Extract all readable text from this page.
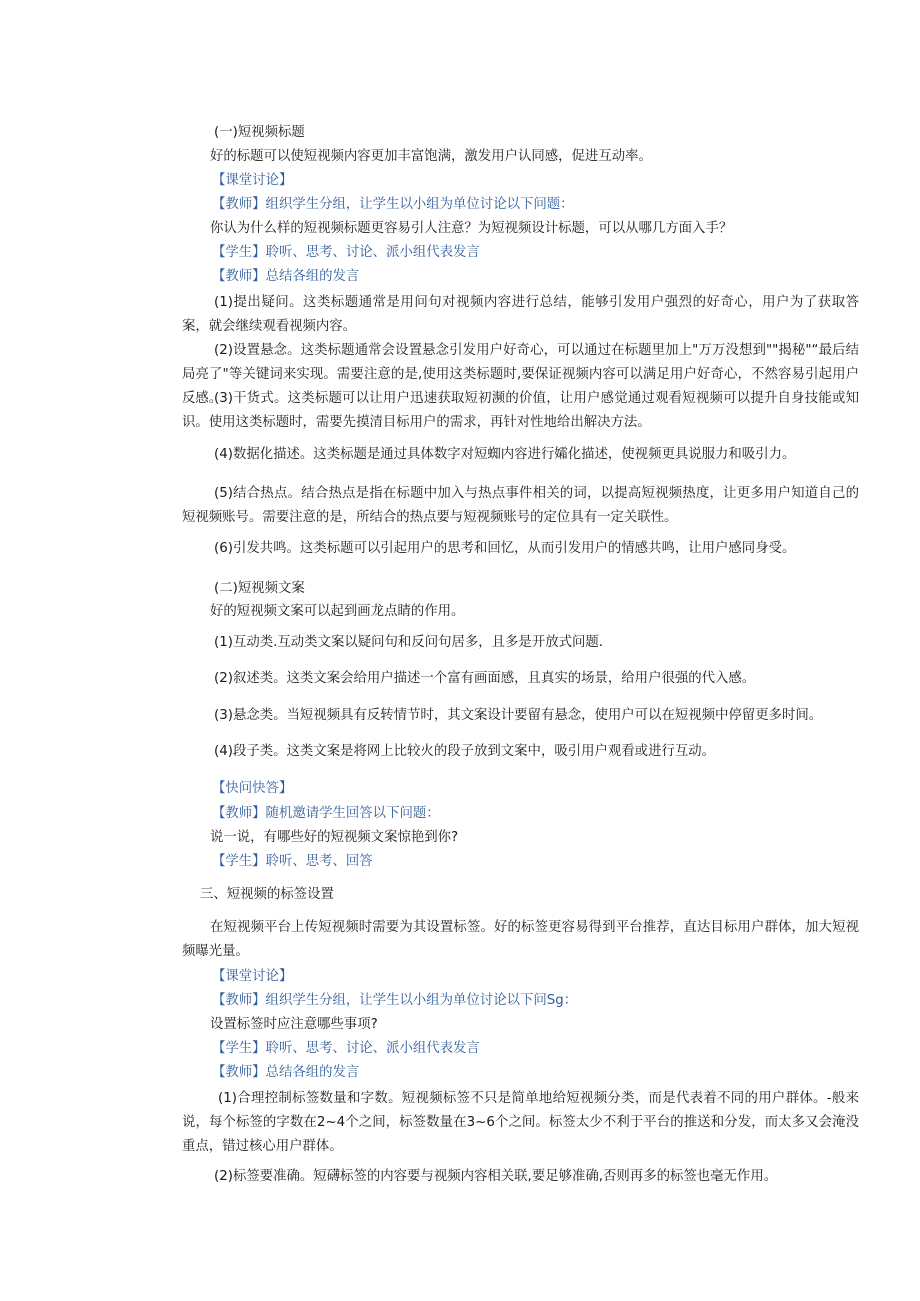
(一)短视频标题

好的标题可以使短视频内容更加丰富饱满，激发用户认同感，促进互动率。

【课堂讨论】

【教师】组织学生分组，让学生以小组为单位讨论以下问题：

你认为什么样的短视频标题更容易引人注意？为短视频设计标题，可以从哪几方面入手？

【学生】聆听、思考、讨论、派小组代表发言

【教师】总结各组的发言

(1)提出疑问。这类标题通常是用问句对视频内容进行总结，能够引发用户强烈的好奇心，用户为了获取答案，就会继续观看视频内容。

(2)设置悬念。这类标题通常会设置悬念引发用户好奇心，可以通过在标题里加上"万万没想到""揭秘"“最后结局亮了"等关键词来实现。需要注意的是,使用这类标题时,要保证视频内容可以满足用户好奇心，不然容易引起用户反感。

(3)干货式。这类标题可以让用户迅速获取短初濒的价值，让用户感觉通过观看短视频可以提升自身技能或知识。使用这类标题时，需要先摸清目标用户的需求，再针对性地给出解决方法。

(4)数据化描述。这类标题是通过具体数字对短蜘内容进行孀化描述，使视频更具说服力和吸引力。

(5)结合热点。结合热点是指在标题中加入与热点事件相关的词，以提高短视频热度，让更多用户知道自己的短视频账号。需要注意的是，所结合的热点要与短视频账号的定位具有一定关联性。

(6)引发共鸣。这类标题可以引起用户的思考和回忆，从而引发用户的情感共鸣，让用户感同身受。

(二)短视频文案

好的短视频文案可以起到画龙点睛的作用。

(1)互动类.互动类文案以疑问句和反问句居多，且多是开放式问题.

(2)叙述类。这类文案会给用户描述一个富有画面感，且真实的场景，给用户很强的代入感。

(3)悬念类。当短视频具有反转情节时，其文案设计要留有悬念，使用户可以在短视频中停留更多时间。

(4)段子类。这类文案是将网上比较火的段子放到文案中，吸引用户观看或进行互动。

【快问快答】

【教师】随机邀请学生回答以下问题：

说一说，有哪些好的短视频文案惊艳到你?

【学生】聆听、思考、回答

三、短视频的标签设置

在短视频平台上传短视频时需要为其设置标签。好的标签更容易得到平台推荐，直达目标用户群体，加大短视频曝光量。

【课堂讨论】

【教师】组织学生分组，让学生以小组为单位讨论以下问Sg：

设置标签时应注意哪些事项?

【学生】聆听、思考、讨论、派小组代表发言

【教师】总结各组的发言

(1)合理控制标签数量和字数。短视频标签不只是简单地给短视频分类，而是代表着不同的用户群体。-般来说，每个标签的字数在2~4个之间，标签数量在3~6个之间。标签太少不利于平台的推送和分发，而太多又会淹没重点，错过核心用户群体。

(2)标签要准确。短礴标签的内容要与视频内容相关联,要足够准确,否则再多的标签也毫无作用。
